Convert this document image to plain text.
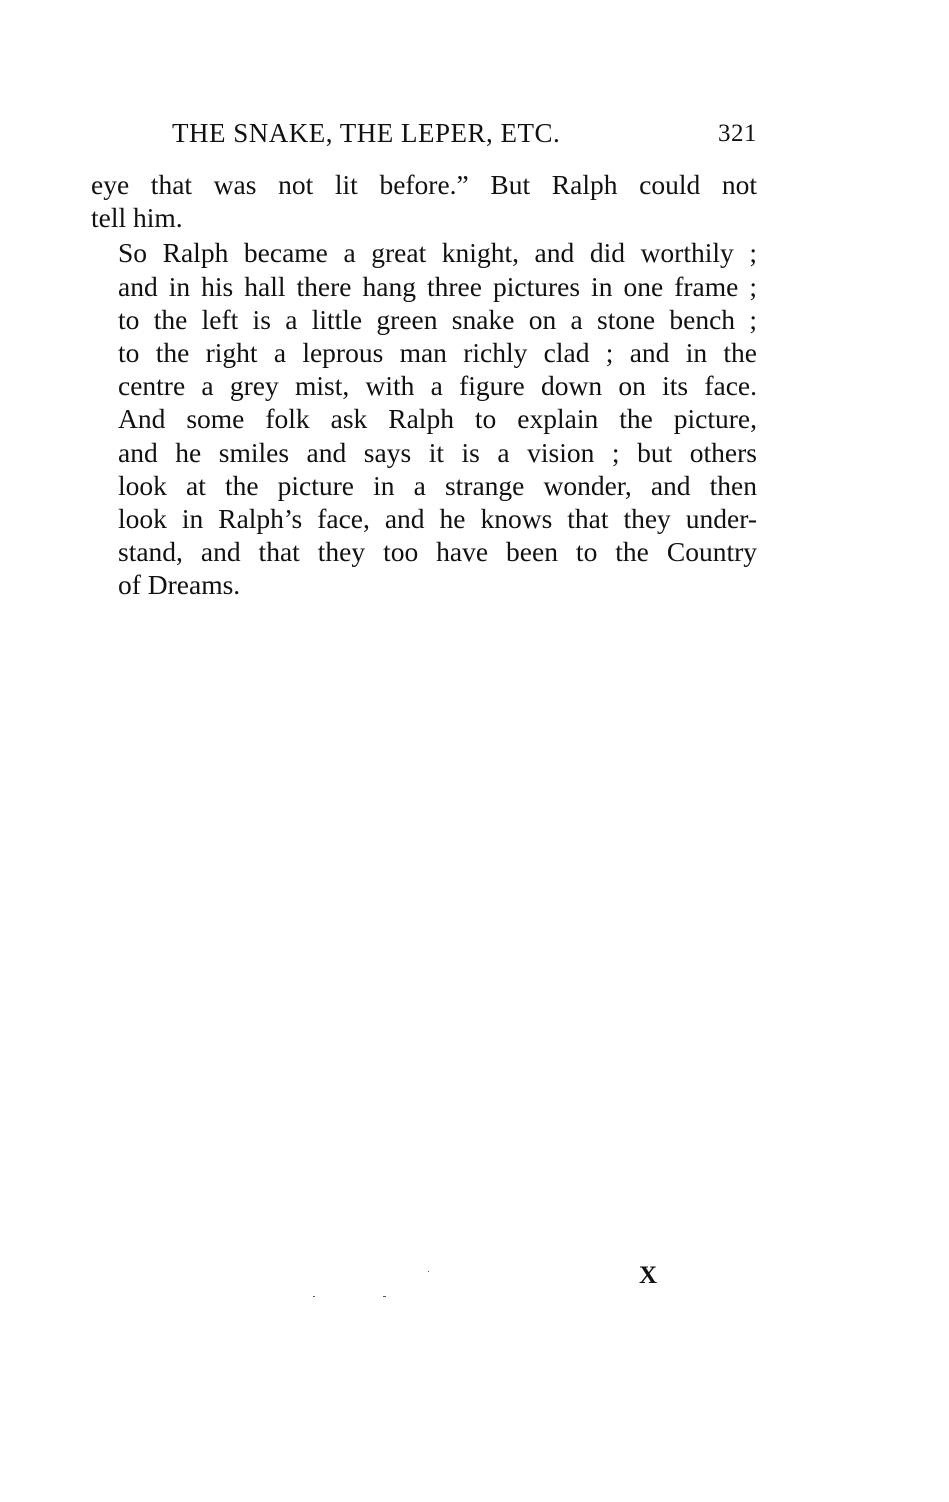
THE SNAKE, THE LEPER, ETC.	321

eye that was not lit before.” But Ralph could not
tell him.

So Ralph became a great knight, and did worthily ;
and in his hall there hang three pictures in one frame ;
to the left is a little green snake on a stone bench ;
to the right a leprous man richly clad ; and in the
centre a grey mist, with a figure down on its face.
And some folk ask Ralph to explain the picture,
and he smiles and says it is a vision ; but others
look at the picture in a strange wonder, and then
look in Ralph’s face, and he knows that they under-
stand, and that they too have been to the Country
of Dreams.

X
